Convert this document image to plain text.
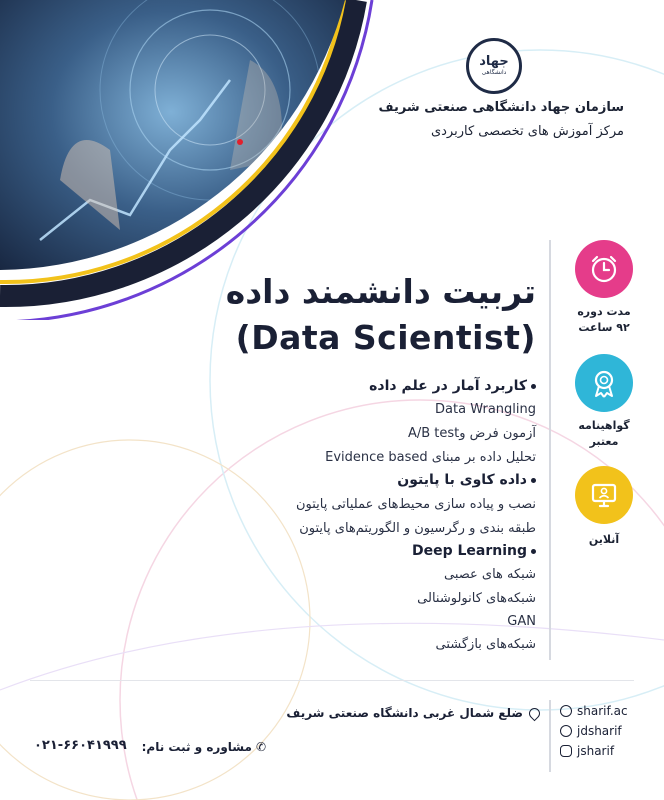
جهاد
دانشگاهی
سازمان جهاد دانشگاهی صنعتی شریف
مرکز آموزش های تخصصی کاربردی
تربیت دانشمند داده
(Data Scientist)
مدت دوره
۹۲ ساعت
گواهینامه
معتبر
آنلاین
کاربرد آمار در علم داده
Data Wrangling
آزمون فرض وA/B test
تحلیل داده بر مبنای Evidence based
داده کاوی با پایتون
نصب و پیاده سازی محیط‌های عملیاتی پایتون
طبقه بندی و رگرسیون و الگوریتم‌های پایتون
Deep Learning
شبکه های عصبی
شبکه‌های کانولوشنالی
GAN
شبکه‌های بازگشتی
ضلع شمال غربی دانشگاه صنعتی شریف
✆مشاوره و ثبت نام:
۰۲۱-۶۶۰۴۱۹۹۹
sharif.ac
jdsharif
jsharif
